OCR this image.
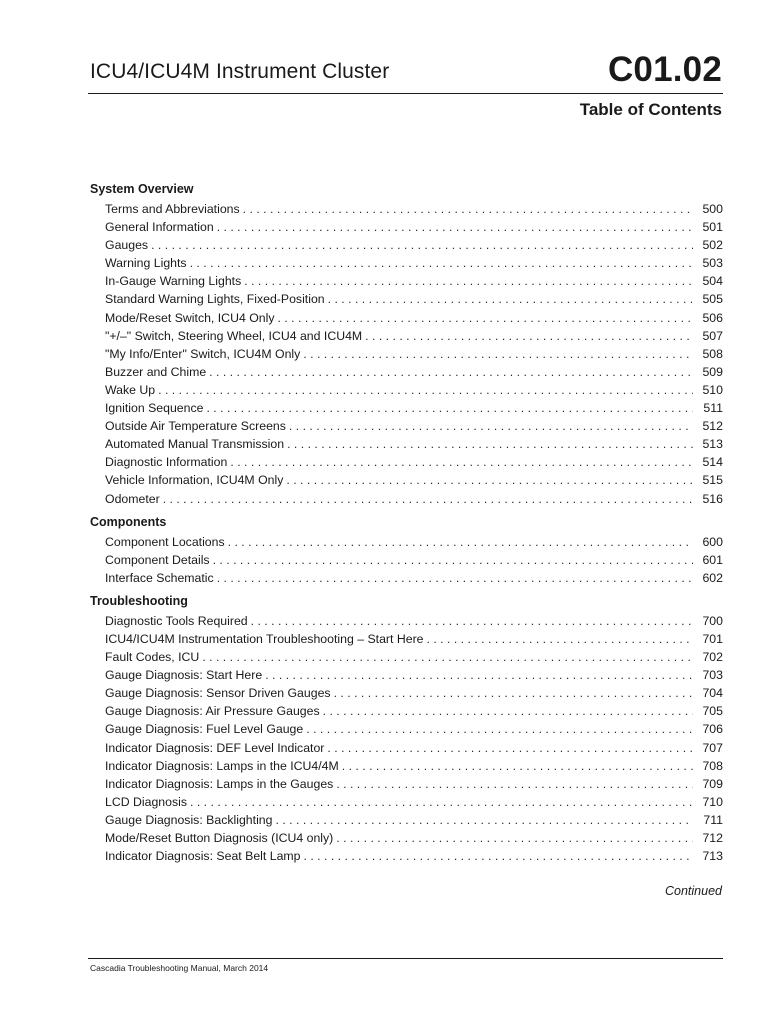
ICU4/ICU4M Instrument Cluster	C01.02
Table of Contents
System Overview
Terms and Abbreviations . . .	500
General Information . . .	501
Gauges . . .	502
Warning Lights . . .	503
In-Gauge Warning Lights . . .	504
Standard Warning Lights, Fixed-Position . . .	505
Mode/Reset Switch, ICU4 Only . . .	506
"+/–" Switch, Steering Wheel, ICU4 and ICU4M . . .	507
"My Info/Enter" Switch, ICU4M Only . . .	508
Buzzer and Chime . . .	509
Wake Up . . .	510
Ignition Sequence . . .	511
Outside Air Temperature Screens . . .	512
Automated Manual Transmission . . .	513
Diagnostic Information . . .	514
Vehicle Information, ICU4M Only . . .	515
Odometer . . .	516
Components
Component Locations . . .	600
Component Details . . .	601
Interface Schematic . . .	602
Troubleshooting
Diagnostic Tools Required . . .	700
ICU4/ICU4M Instrumentation Troubleshooting – Start Here . . .	701
Fault Codes, ICU . . .	702
Gauge Diagnosis: Start Here . . .	703
Gauge Diagnosis: Sensor Driven Gauges . . .	704
Gauge Diagnosis: Air Pressure Gauges . . .	705
Gauge Diagnosis: Fuel Level Gauge . . .	706
Indicator Diagnosis: DEF Level Indicator . . .	707
Indicator Diagnosis: Lamps in the ICU4/4M . . .	708
Indicator Diagnosis: Lamps in the Gauges . . .	709
LCD Diagnosis . . .	710
Gauge Diagnosis: Backlighting . . .	711
Mode/Reset Button Diagnosis (ICU4 only) . . .	712
Indicator Diagnosis: Seat Belt Lamp . . .	713
Continued
Cascadia Troubleshooting Manual, March 2014
